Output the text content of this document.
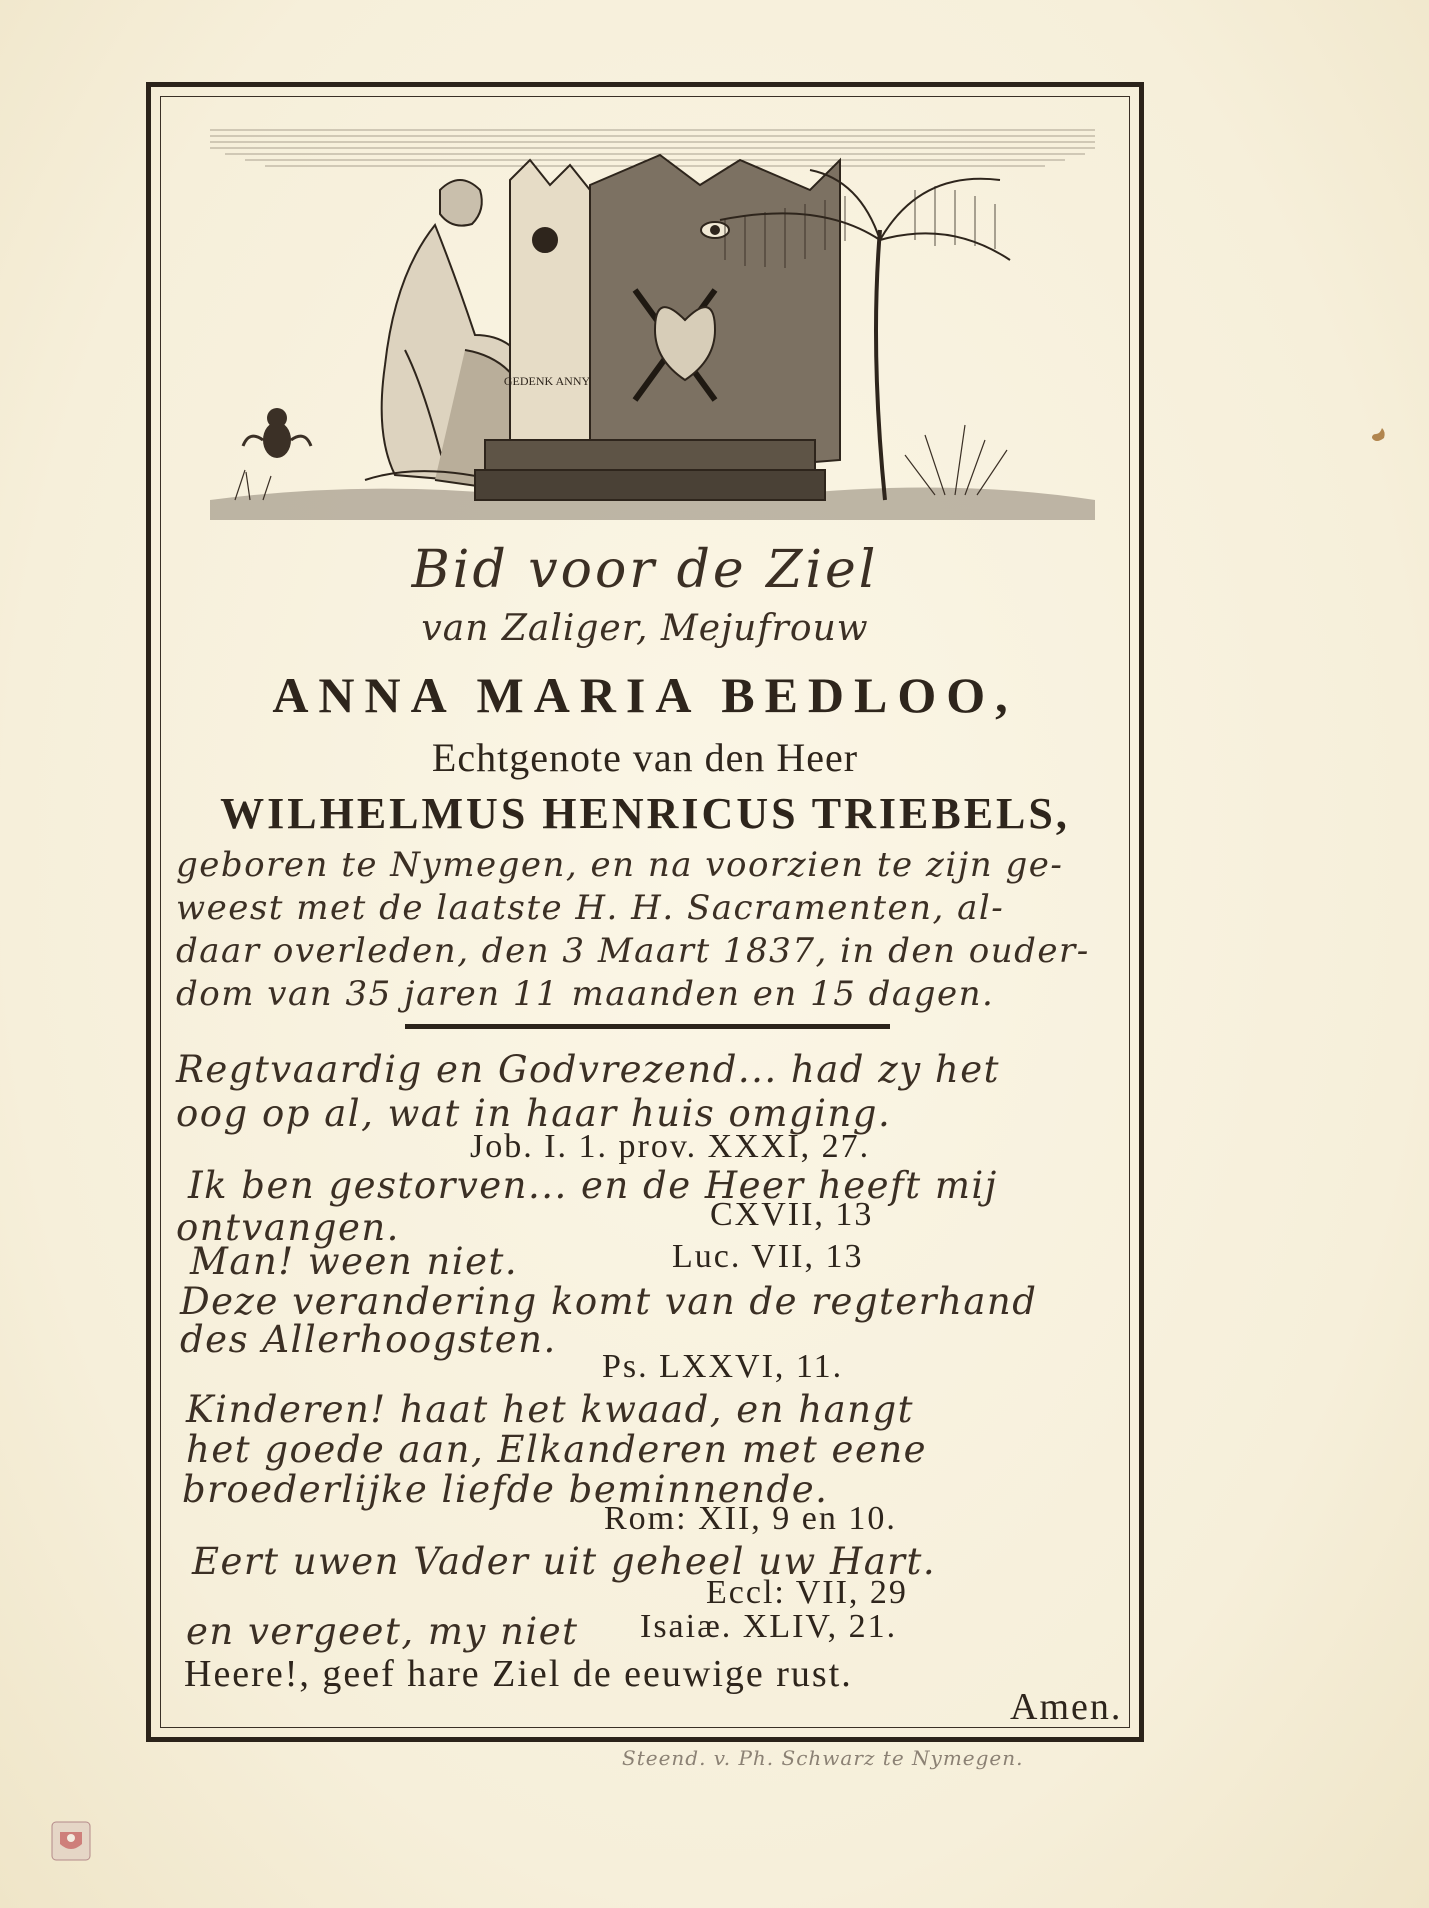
GEDENK ANNY
Bid voor de Ziel
van Zaliger, Mejufrouw
ANNA MARIA BEDLOO,
Echtgenote van den Heer
WILHELMUS HENRICUS TRIEBELS,
geboren te Nymegen, en na voorzien te zijn ge-
weest met de laatste H. H. Sacramenten, al-
daar overleden, den 3 Maart 1837, in den ouder-
dom van 35 jaren 11 maanden en 15 dagen.
Regtvaardig en Godvrezend... had zy het
oog op al, wat in haar huis omging.
Job. I. 1. prov. XXXI, 27.
Ik ben gestorven... en de Heer heeft mij
ontvangen.	CXVII, 13
Man! ween niet.	Luc. VII, 13
Deze verandering komt van de regterhand
des Allerhoogsten.
Ps. LXXVI, 11.
Kinderen! haat het kwaad, en hangt
het goede aan, Elkanderen met eene
broederlijke liefde beminnende.
Rom: XII, 9 en 10.
Eert uwen Vader uit geheel uw Hart.
Eccl: VII, 29
en vergeet, my niet Isaiæ. XLIV, 21.
Heere!, geef hare Ziel de eeuwige rust.
Amen.
Steend. v. Ph. Schwarz te Nymegen.
